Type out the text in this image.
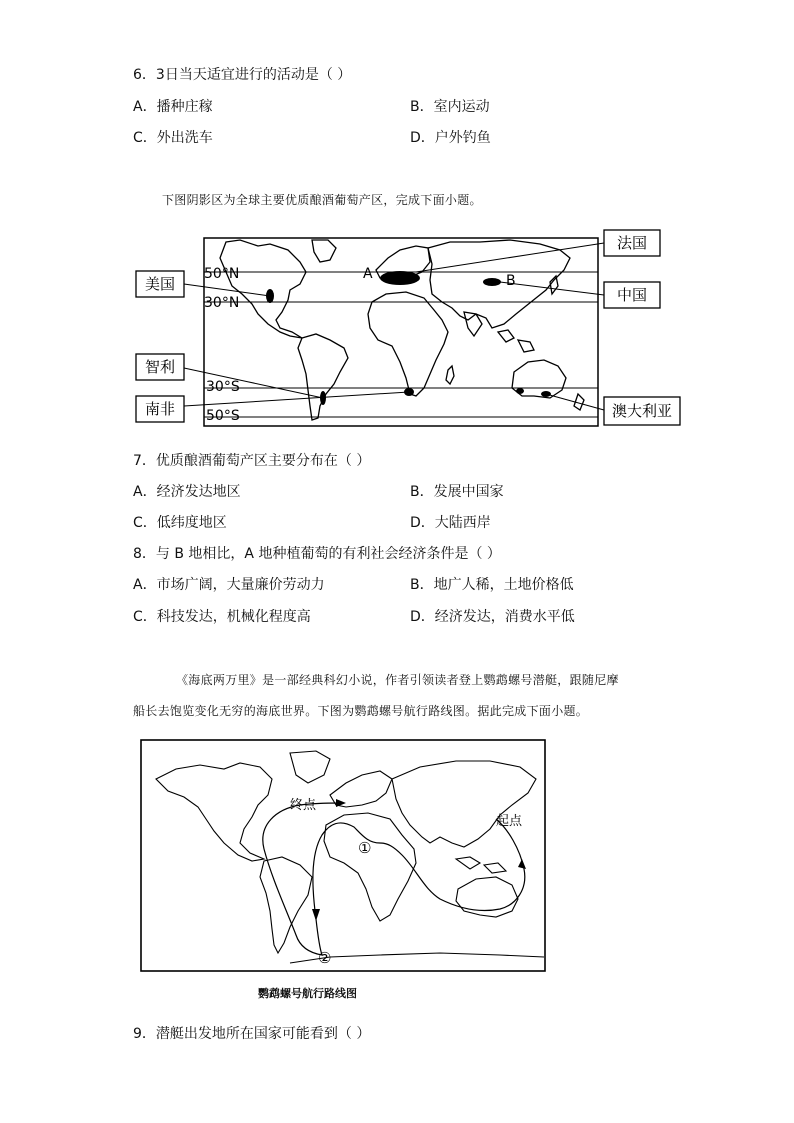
6．3日当天适宜进行的活动是（ ）
A．播种庄稼	B．室内运动
C．外出洗车	D．户外钓鱼
下图阴影区为全球主要优质酿酒葡萄产区，完成下面小题。
50°N
30°N
30°S
50°S
A	B
美国
智利
南非
法国
中国
澳大利亚
7．优质酿酒葡萄产区主要分布在（ ）
A．经济发达地区	B．发展中国家
C．低纬度地区	D．大陆西岸
8．与 B 地相比，A 地种植葡萄的有利社会经济条件是（ ）
A．市场广阔，大量廉价劳动力	B．地广人稀，土地价格低
C．科技发达，机械化程度高	D．经济发达，消费水平低
《海底两万里》是一部经典科幻小说，作者引领读者登上鹦鹉螺号潜艇，跟随尼摩
船长去饱览变化无穷的海底世界。下图为鹦鹉螺号航行路线图。据此完成下面小题。
终点
起点
①
②
鹦鹉螺号航行路线图
9．潜艇出发地所在国家可能看到（ ）
